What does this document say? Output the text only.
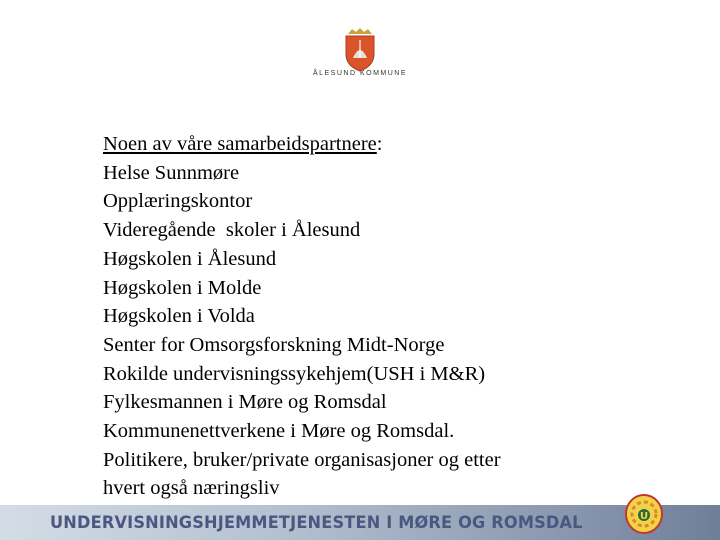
ÅLESUND KOMMUNE
Noen av våre samarbeidspartnere:
Helse Sunnmøre
Opplæringskontor
Videregående  skoler i Ålesund
Høgskolen i Ålesund
Høgskolen i Molde
Høgskolen i Volda
Senter for Omsorgsforskning Midt-Norge
Rokilde undervisningssykehjem(USH i M&R)
Fylkesmannen i Møre og Romsdal
Kommunenettverkene i Møre og Romsdal.
Politikere, bruker/private organisasjoner og etter
hvert også næringsliv
UNDERVISNINGSHJEMMETJENESTEN I MØRE OG ROMSDAL	U
